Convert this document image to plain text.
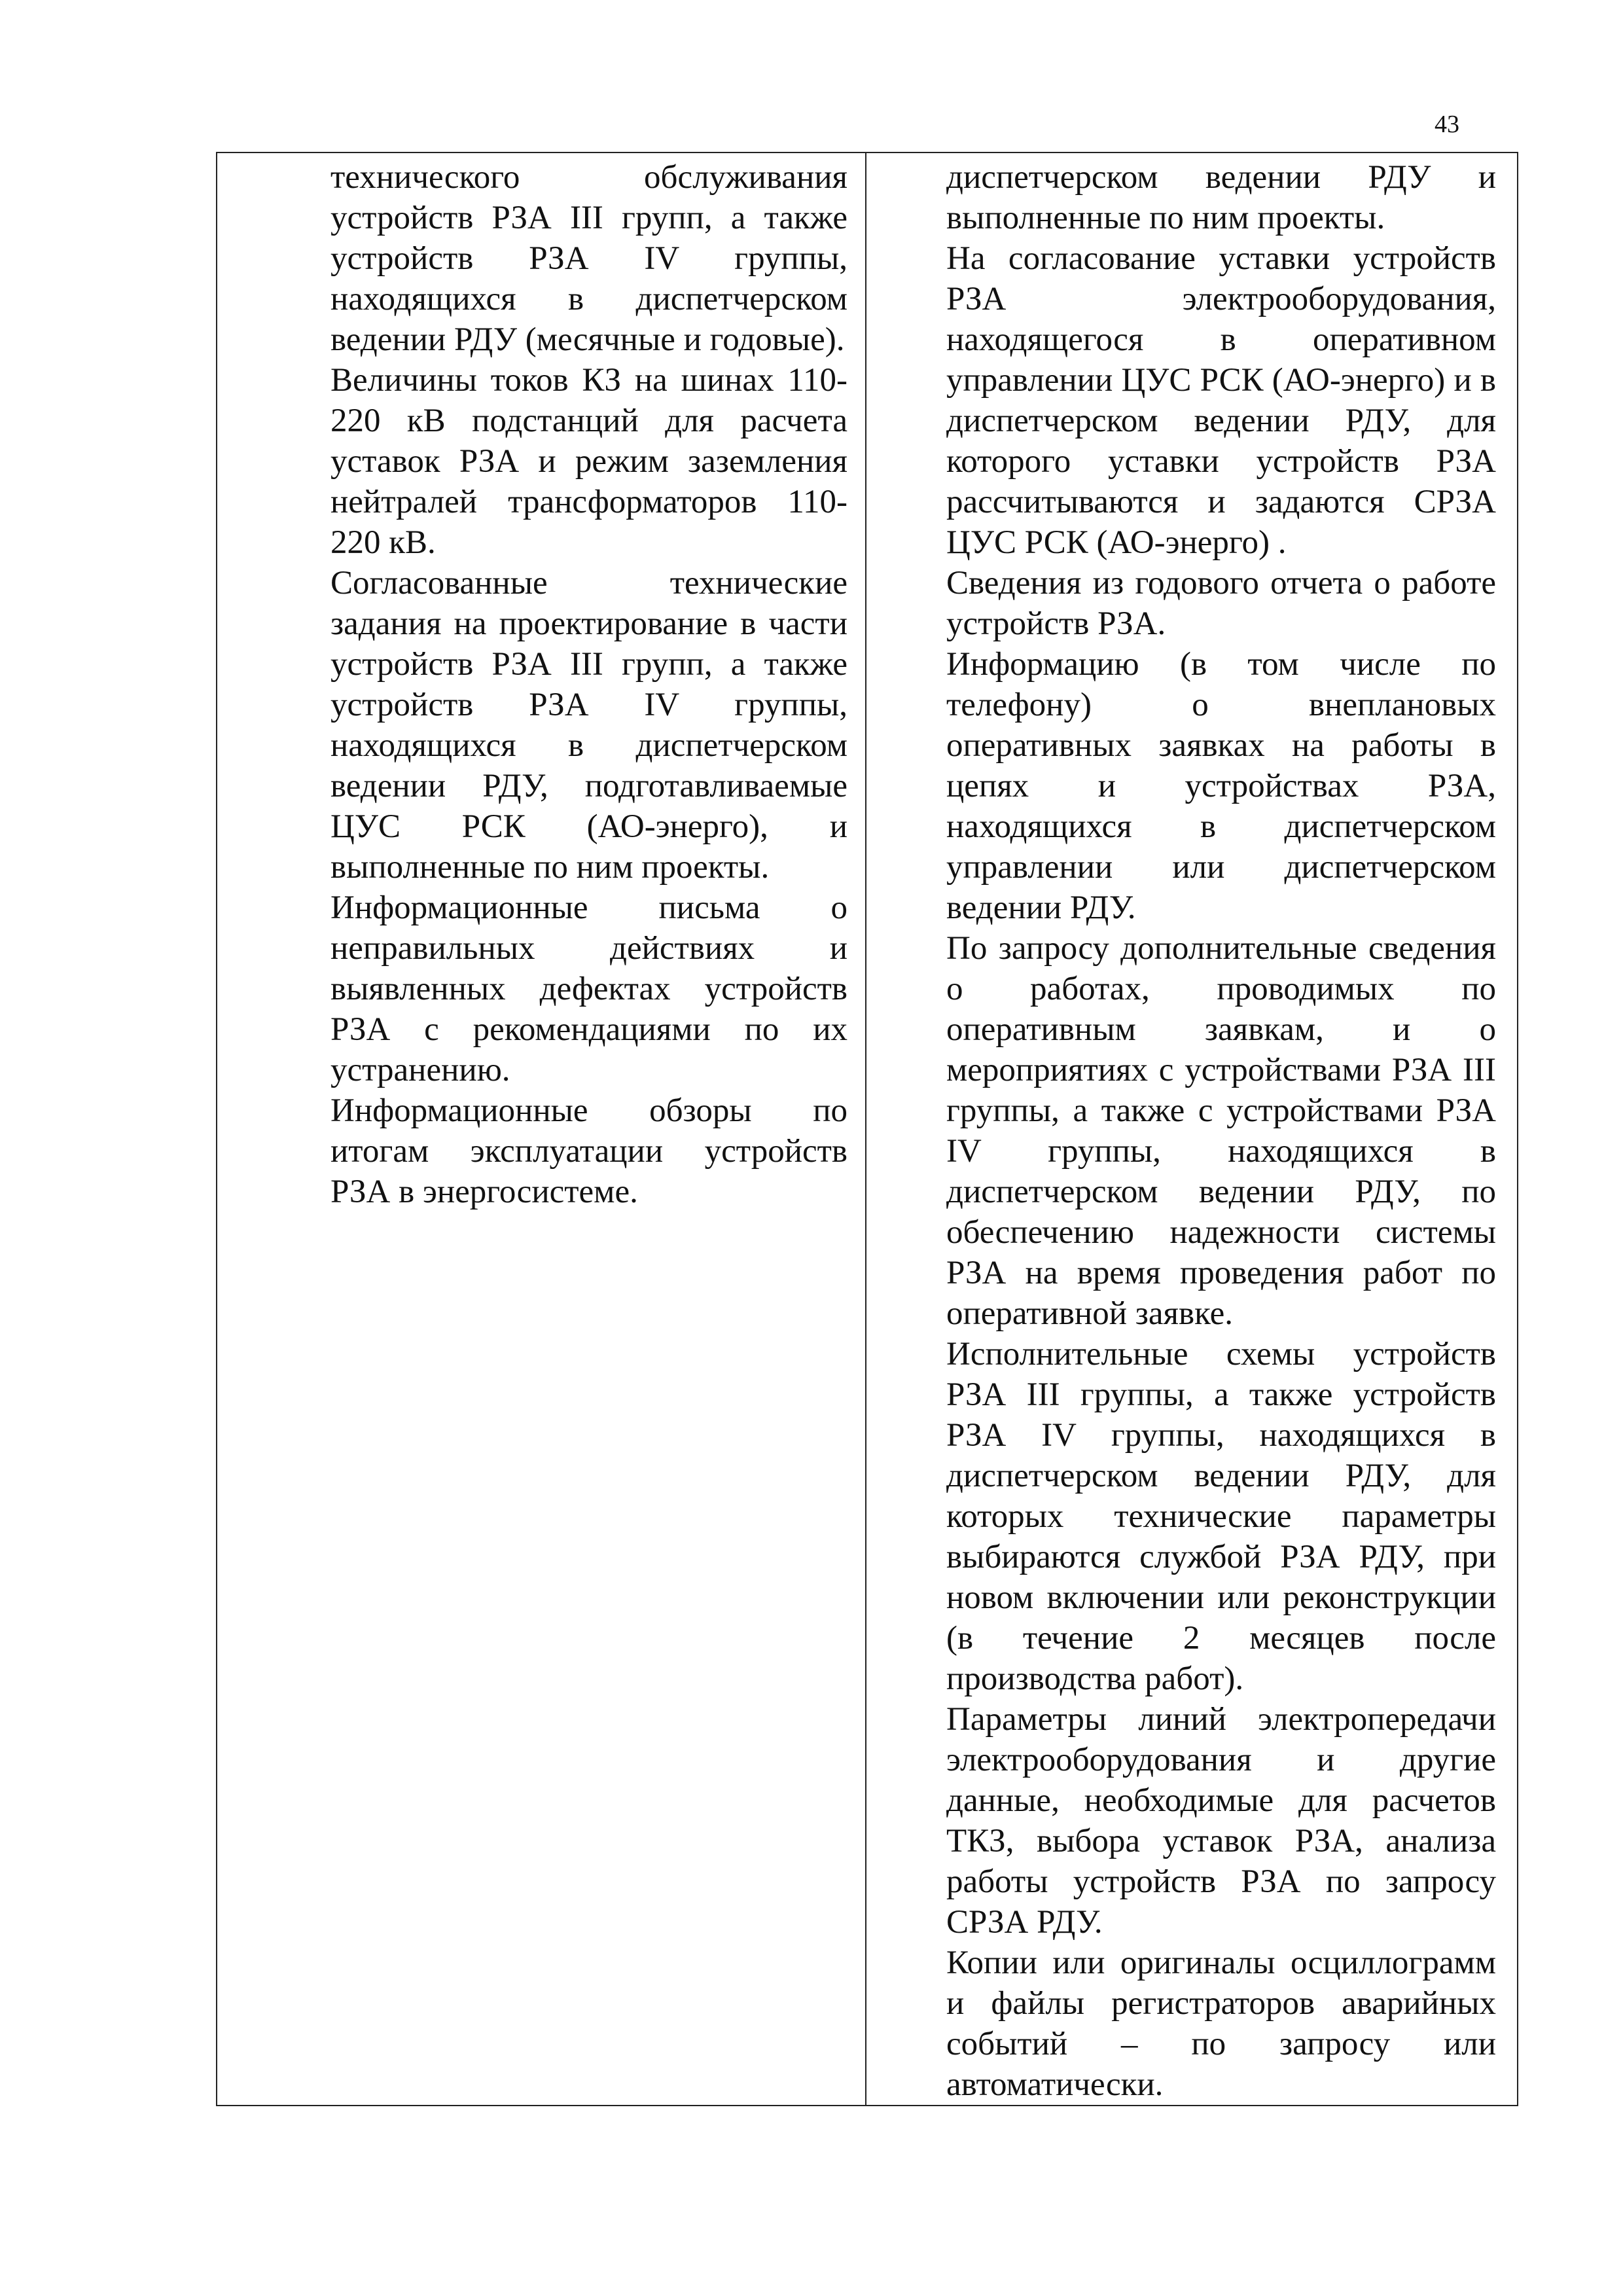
43

технического обслуживания устройств РЗА III групп, а также устройств РЗА IV группы, находящихся в диспетчерском ведении РДУ (месячные и годовые).

Величины токов КЗ на шинах 110-220 кВ подстанций для расчета уставок РЗА и режим заземления нейтралей трансформаторов 110-220 кВ.

Согласованные технические задания на проектирование в части устройств РЗА III групп, а также устройств РЗА IV группы, находящихся в диспетчерском ведении РДУ, подготавливаемые ЦУС РСК (АО-энерго), и выполненные по ним проекты.

Информационные письма о неправильных действиях и выявленных дефектах устройств РЗА с рекомендациями по их устранению.

Информационные обзоры по итогам эксплуатации устройств РЗА в энергосистеме.

диспетчерском ведении РДУ и выполненные по ним проекты.

На согласование уставки устройств РЗА электрооборудования, находящегося в оперативном управлении ЦУС РСК (АО-энерго) и в диспетчерском ведении РДУ, для которого уставки устройств РЗА рассчитываются и задаются СРЗА ЦУС РСК (АО-энерго) .

Сведения из годового отчета о работе устройств РЗА.

Информацию (в том числе по телефону) о внеплановых оперативных заявках на работы в цепях и устройствах РЗА, находящихся в диспетчерском управлении или диспетчерском ведении РДУ.

По запросу дополнительные сведения о работах, проводимых по оперативным заявкам, и о мероприятиях с устройствами РЗА III группы, а также с устройствами РЗА IV группы, находящихся в диспетчерском ведении РДУ, по обеспечению надежности системы РЗА на время проведения работ по оперативной заявке.

Исполнительные схемы устройств РЗА III группы, а также устройств РЗА IV группы, находящихся в диспетчерском ведении РДУ, для которых технические параметры выбираются службой РЗА РДУ, при новом включении или реконструкции (в течение 2 месяцев после производства работ).

Параметры линий электропередачи электрооборудования и другие данные, необходимые для расчетов ТКЗ, выбора уставок РЗА, анализа работы устройств РЗА по запросу СРЗА РДУ.

Копии или оригиналы осциллограмм и файлы регистраторов аварийных событий – по запросу или автоматически.
